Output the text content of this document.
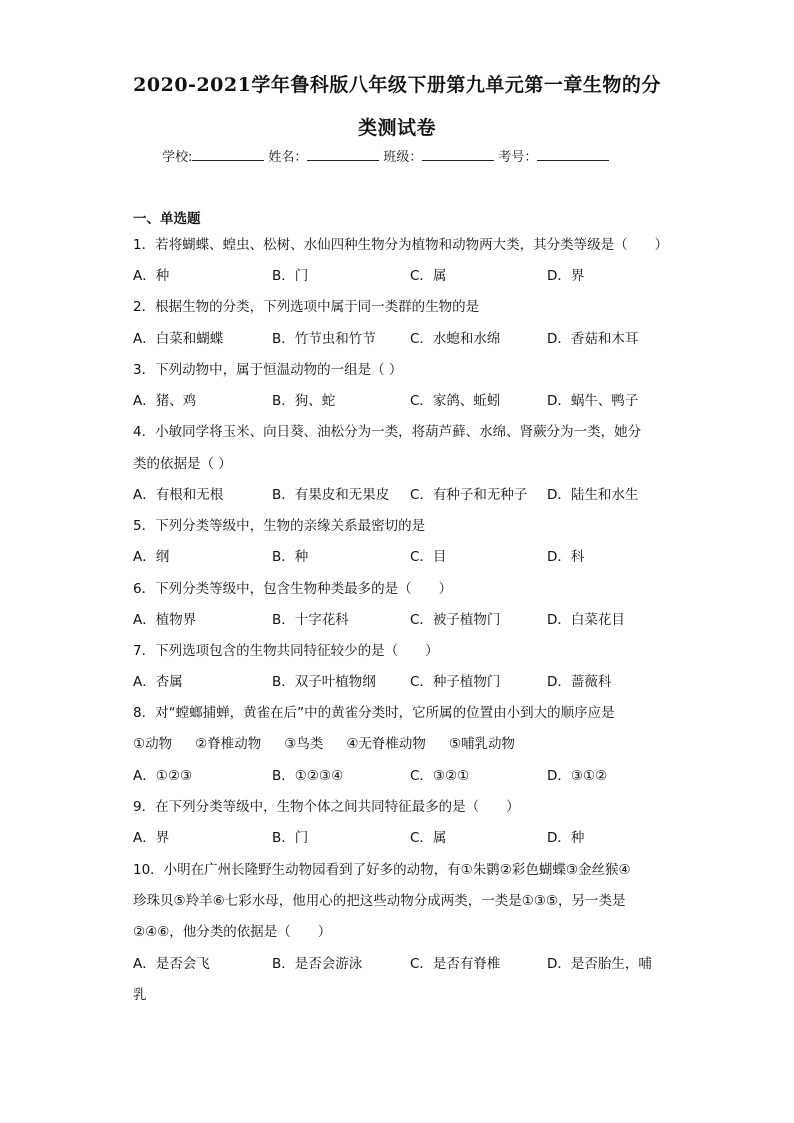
2020-2021学年鲁科版八年级下册第九单元第一章生物的分
类测试卷
学校:	姓名：	班级：	考号：
一、单选题
1．若将蝴蝶、蝗虫、松树、水仙四种生物分为植物和动物两大类，其分类等级是（　　）
A．种	B．门	C．属	D．界
2．根据生物的分类，下列选项中属于同一类群的生物的是
A．白菜和蝴蝶	B．竹节虫和竹节	C．水螅和水绵	D．香菇和木耳
3．下列动物中，属于恒温动物的一组是（ ）
A．猪、鸡	B．狗、蛇	C．家鸽、蚯蚓	D．蜗牛、鸭子
4．小敏同学将玉米、向日葵、油松分为一类，将葫芦藓、水绵、肾蕨分为一类，她分
类的依据是（ ）
A．有根和无根	B．有果皮和无果皮 C．有种子和无种子 D．陆生和水生
5．下列分类等级中，生物的亲缘关系最密切的是
A．纲	B．种	C．目	D．科
6．下列分类等级中，包含生物种类最多的是（　　）
A．植物界	B．十字花科	C．被子植物门	D．白菜花目
7．下列选项包含的生物共同特征较少的是（　　）
A．杏属	B．双子叶植物纲	C．种子植物门	D．蔷薇科
8．对“螳螂捕蝉，黄雀在后”中的黄雀分类时，它所属的位置由小到大的顺序应是
①动物 ②脊椎动物 ③鸟类 ④无脊椎动物 ⑤哺乳动物
A．①②③	B．①②③④	C．③②①	D．③①②
9．在下列分类等级中，生物个体之间共同特征最多的是（　　）
A．界	B．门	C．属	D．种
10．小明在广州长隆野生动物园看到了好多的动物，有①朱鹮②彩色蝴蝶③金丝猴④
珍珠贝⑤羚羊⑥七彩水母，他用心的把这些动物分成两类，一类是①③⑤，另一类是
②④⑥，他分类的依据是（　　）
A．是否会飞	B．是否会游泳	C．是否有脊椎	D．是否胎生，哺
乳
